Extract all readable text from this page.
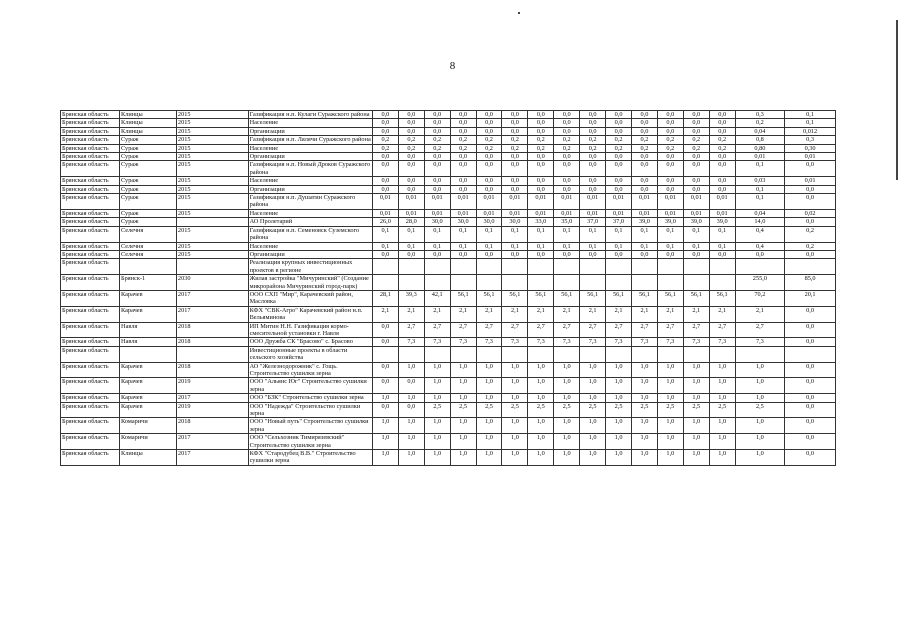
8
Брянская область	Клинцы	2015	Газификация н.п. Кулаги Суражского района	0,0	0,0	0,0	0,0	0,0	0,0	0,0	0,0	0,0	0,0	0,0	0,0	0,0	0,0	0,3	0,1
Брянская область	Клинцы	2015	Население	0,0	0,0	0,0	0,0	0,0	0,0	0,0	0,0	0,0	0,0	0,0	0,0	0,0	0,0	0,2	0,1
Брянская область	Клинцы	2015	Организации	0,0	0,0	0,0	0,0	0,0	0,0	0,0	0,0	0,0	0,0	0,0	0,0	0,0	0,0	0,04	0,012
Брянская область	Сураж	2015	Газификация н.п. Лялячи Суражского района	0,2	0,2	0,2	0,2	0,2	0,2	0,2	0,2	0,2	0,2	0,2	0,2	0,2	0,2	0,8	0,3
Брянская область	Сураж	2015	Население	0,2	0,2	0,2	0,2	0,2	0,2	0,2	0,2	0,2	0,2	0,2	0,2	0,2	0,2	0,80	0,30
Брянская область	Сураж	2015	Организации	0,0	0,0	0,0	0,0	0,0	0,0	0,0	0,0	0,0	0,0	0,0	0,0	0,0	0,0	0,01	0,01
Брянская область	Сураж	2015	Газификация н.п. Новый Дроков Суражского района	0,0	0,0	0,0	0,0	0,0	0,0	0,0	0,0	0,0	0,0	0,0	0,0	0,0	0,0	0,1	0,0
Брянская область	Сураж	2015	Население	0,0	0,0	0,0	0,0	0,0	0,0	0,0	0,0	0,0	0,0	0,0	0,0	0,0	0,0	0,03	0,01
Брянская область	Сураж	2015	Организации	0,0	0,0	0,0	0,0	0,0	0,0	0,0	0,0	0,0	0,0	0,0	0,0	0,0	0,0	0,1	0,0
Брянская область	Сураж	2015	Газификация н.п. Душатин Суражского района	0,01	0,01	0,01	0,01	0,01	0,01	0,01	0,01	0,01	0,01	0,01	0,01	0,01	0,01	0,1	0,0
Брянская область	Сураж	2015	Население	0,01	0,01	0,01	0,01	0,01	0,01	0,01	0,01	0,01	0,01	0,01	0,01	0,01	0,01	0,04	0,02
Брянская область	Сураж		АО Пролетарий	26,0	28,0	30,0	30,0	30,0	30,0	33,0	35,0	37,0	37,0	39,0	39,0	39,0	39,0	14,0	0,0
Брянская область	Селечня	2015	Газификация н.п. Семеновск Суземского района	0,1	0,1	0,1	0,1	0,1	0,1	0,1	0,1	0,1	0,1	0,1	0,1	0,1	0,1	0,4	0,2
Брянская область	Селечня	2015	Население	0,1	0,1	0,1	0,1	0,1	0,1	0,1	0,1	0,1	0,1	0,1	0,1	0,1	0,1	0,4	0,2
Брянская область	Селечня	2015	Организации	0,0	0,0	0,0	0,0	0,0	0,0	0,0	0,0	0,0	0,0	0,0	0,0	0,0	0,0	0,0	0,0
Брянская область			Реализация крупных инвестиционных проектов в регионе																
Брянская область	Брянск-1	2030	Жилая застройка "Мичуринский" (Создание микрорайона Мичуринский город-парк)															255,0	85,0
Брянская область	Карачев	2017	ООО СХП "Мир", Карачевский район, Масловка	28,1	39,3	42,1	56,1	56,1	56,1	56,1	56,1	56,1	56,1	56,1	56,1	56,1	56,1	70,2	20,1
Брянская область	Карачев	2017	КФХ "СВК-Агро" Карачевский район н.п. Вельяминова	2,1	2,1	2,1	2,1	2,1	2,1	2,1	2,1	2,1	2,1	2,1	2,1	2,1	2,1	2,1	0,0
Брянская область	Навля	2018	ИП Митин Н.Н. Газификация кормо-смесительной установки г. Навля	0,0	2,7	2,7	2,7	2,7	2,7	2,7	2,7	2,7	2,7	2,7	2,7	2,7	2,7	2,7	0,0
Брянская область	Навля	2018	ООО Дружба СК "Брасово" с. Брасово	0,0	7,3	7,3	7,3	7,3	7,3	7,3	7,3	7,3	7,3	7,3	7,3	7,3	7,3	7,3	0,0
Брянская область			Инвестиционные проекты в области сельского хозяйства																
Брянская область	Карачев	2018	АО "Железнодорожник" с. Гощь. Строительство сушилки зерна	0,0	1,0	1,0	1,0	1,0	1,0	1,0	1,0	1,0	1,0	1,0	1,0	1,0	1,0	1,0	0,0
Брянская область	Карачев	2019	ООО "Альянс Юг" Строительство сушилки зерна	0,0	0,0	1,0	1,0	1,0	1,0	1,0	1,0	1,0	1,0	1,0	1,0	1,0	1,0	1,0	0,0
Брянская область	Карачев	2017	ООО "БЗК" Строительство сушилки зерна	1,0	1,0	1,0	1,0	1,0	1,0	1,0	1,0	1,0	1,0	1,0	1,0	1,0	1,0	1,0	0,0
Брянская область	Карачев	2019	ООО "Надежда" Строительство сушилки зерна	0,0	0,0	2,5	2,5	2,5	2,5	2,5	2,5	2,5	2,5	2,5	2,5	2,5	2,5	2,5	0,0
Брянская область	Комаричи	2018	ООО "Новый путь" Строительство сушилки зерна	1,0	1,0	1,0	1,0	1,0	1,0	1,0	1,0	1,0	1,0	1,0	1,0	1,0	1,0	1,0	0,0
Брянская область	Комаричи	2017	ООО "Сельхозник Тимирязевский" Строительство сушилки зерна	1,0	1,0	1,0	1,0	1,0	1,0	1,0	1,0	1,0	1,0	1,0	1,0	1,0	1,0	1,0	0,0
Брянская область	Клинцы	2017	КФХ "Стародубец В.В." Строительство сушилки зерна	1,0	1,0	1,0	1,0	1,0	1,0	1,0	1,0	1,0	1,0	1,0	1,0	1,0	1,0	1,0	0,0
